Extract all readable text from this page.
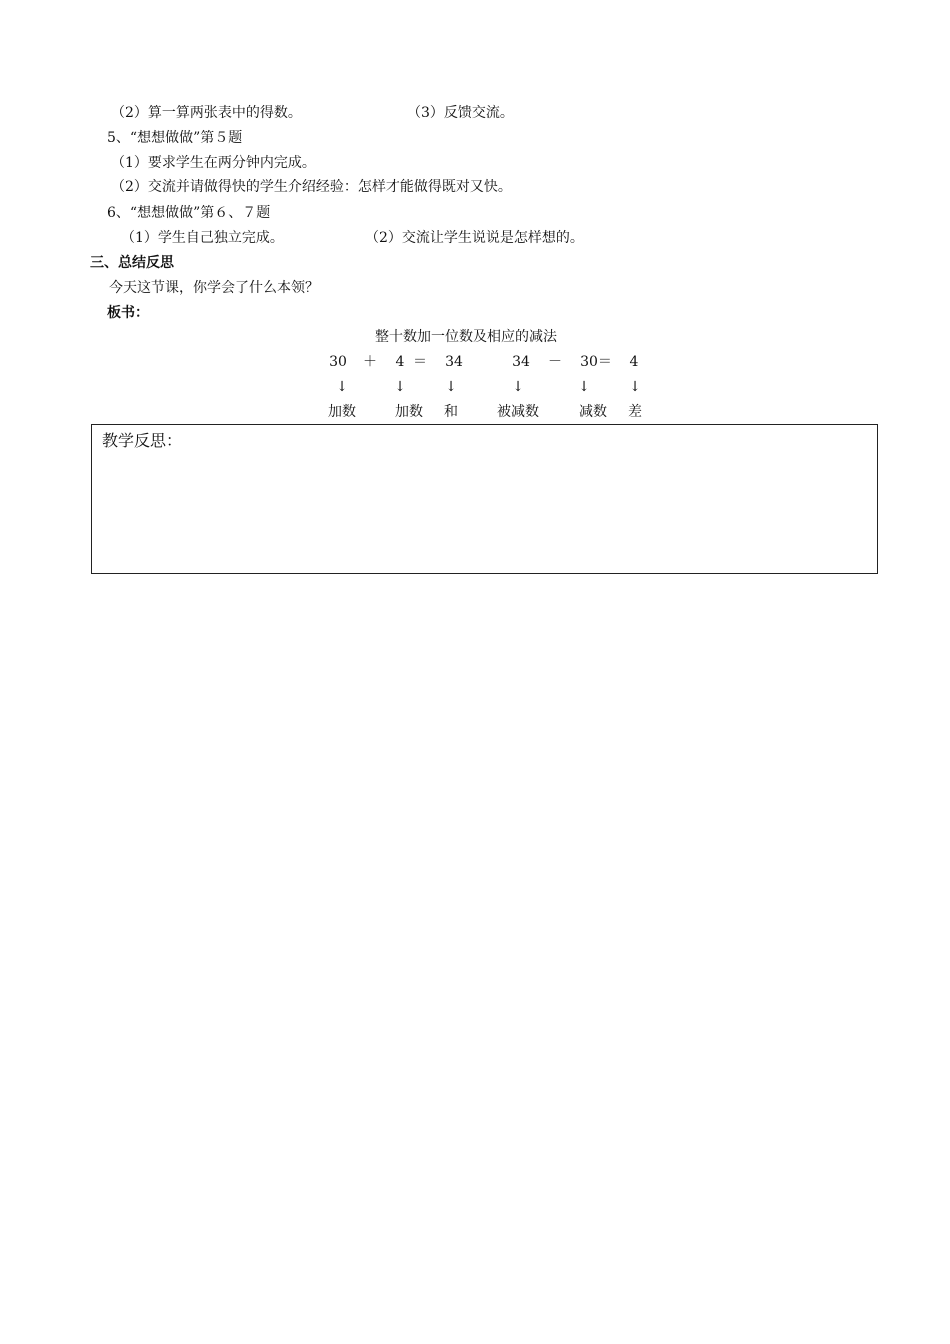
（2）算一算两张表中的得数。	（3）反馈交流。
5、“想想做做”第５题
（1）要求学生在两分钟内完成。
（2）交流并请做得快的学生介绍经验：怎样才能做得既对又快。
6、“想想做做”第６、７题
（1）学生自己独立完成。	（2）交流让学生说说是怎样想的。
三、总结反思
今天这节课，你学会了什么本领？
板书：
整十数加一位数及相应的减法
30 ＋ 4 ＝ 34	34 － 30＝ 4
↓	↓	↓	↓	↓	↓
加数	加数	和	被减数	减数	差
教学反思：
